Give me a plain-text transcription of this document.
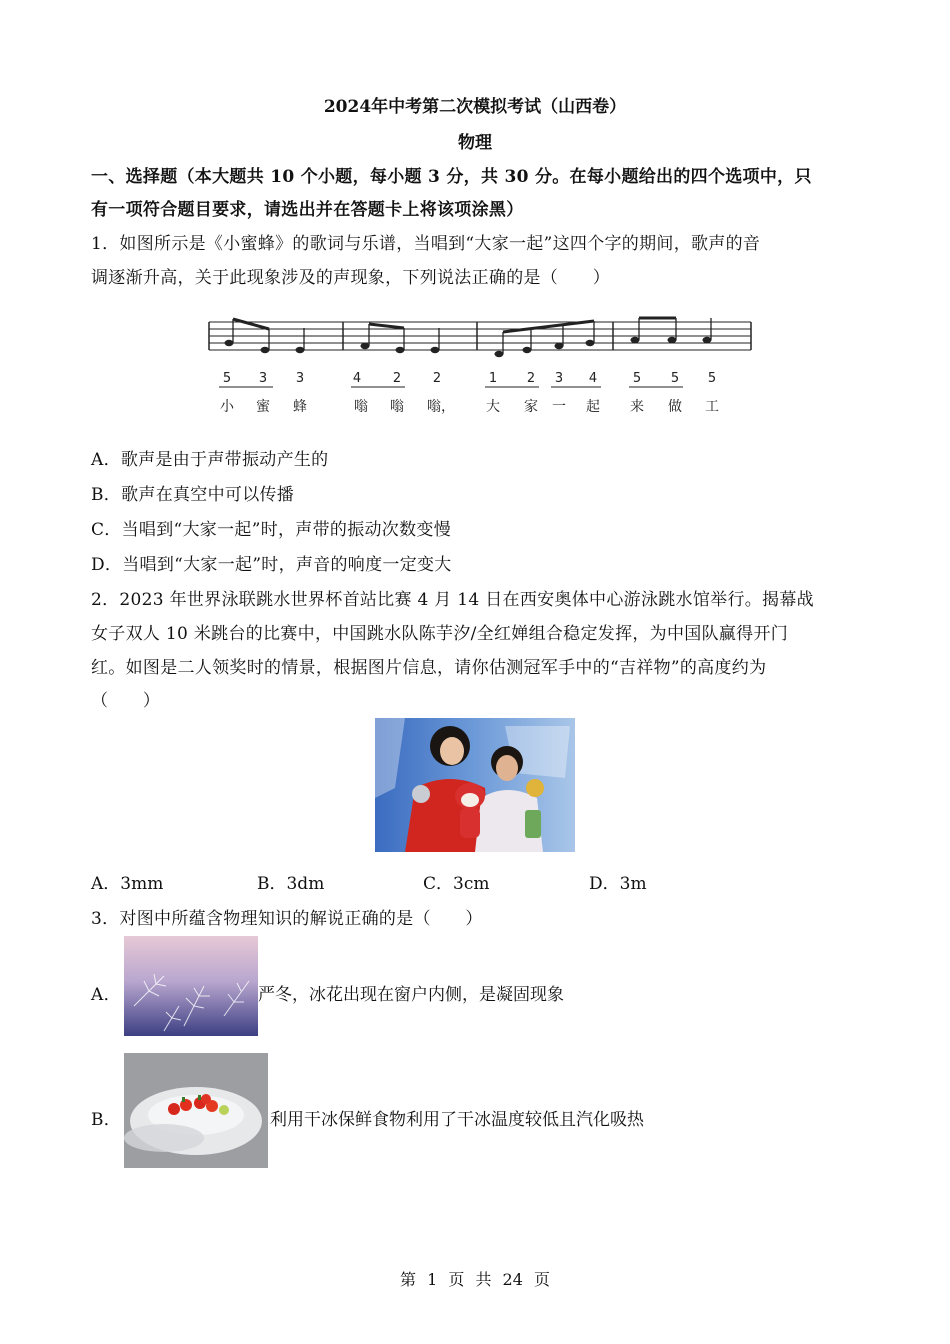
2024年中考第二次模拟考试（山西卷）
物理
一、选择题（本大题共 10 个小题，每小题 3 分，共 30 分。在每小题给出的四个选项中，只
有一项符合题目要求，请选出并在答题卡上将该项涂黑）
1．如图所示是《小蜜蜂》的歌词与乐谱，当唱到“大家一起”这四个字的期间，歌声的音
调逐渐升高，关于此现象涉及的声现象，下列说法正确的是（　　）
5 3 3	4 2 2	1 2 3 4	5 5 5
小 蜜 蜂	嗡 嗡 嗡， 大 家 一 起 来 做 工
A．歌声是由于声带振动产生的
B．歌声在真空中可以传播
C．当唱到“大家一起”时，声带的振动次数变慢
D．当唱到“大家一起”时，声音的响度一定变大
2．2023 年世界泳联跳水世界杯首站比赛 4 月 14 日在西安奥体中心游泳跳水馆举行。揭幕战
女子双人 10 米跳台的比赛中，中国跳水队陈芋汐/全红婵组合稳定发挥，为中国队赢得开门
红。如图是二人领奖时的情景，根据图片信息，请你估测冠军手中的“吉祥物”的高度约为
（　　）
A．3mm	B．3dm	C．3cm	D．3m
3．对图中所蕴含物理知识的解说正确的是（　　）
A．	严冬，冰花出现在窗户内侧，是凝固现象
B．	利用干冰保鲜食物利用了干冰温度较低且汽化吸热
第 1 页 共 24 页
